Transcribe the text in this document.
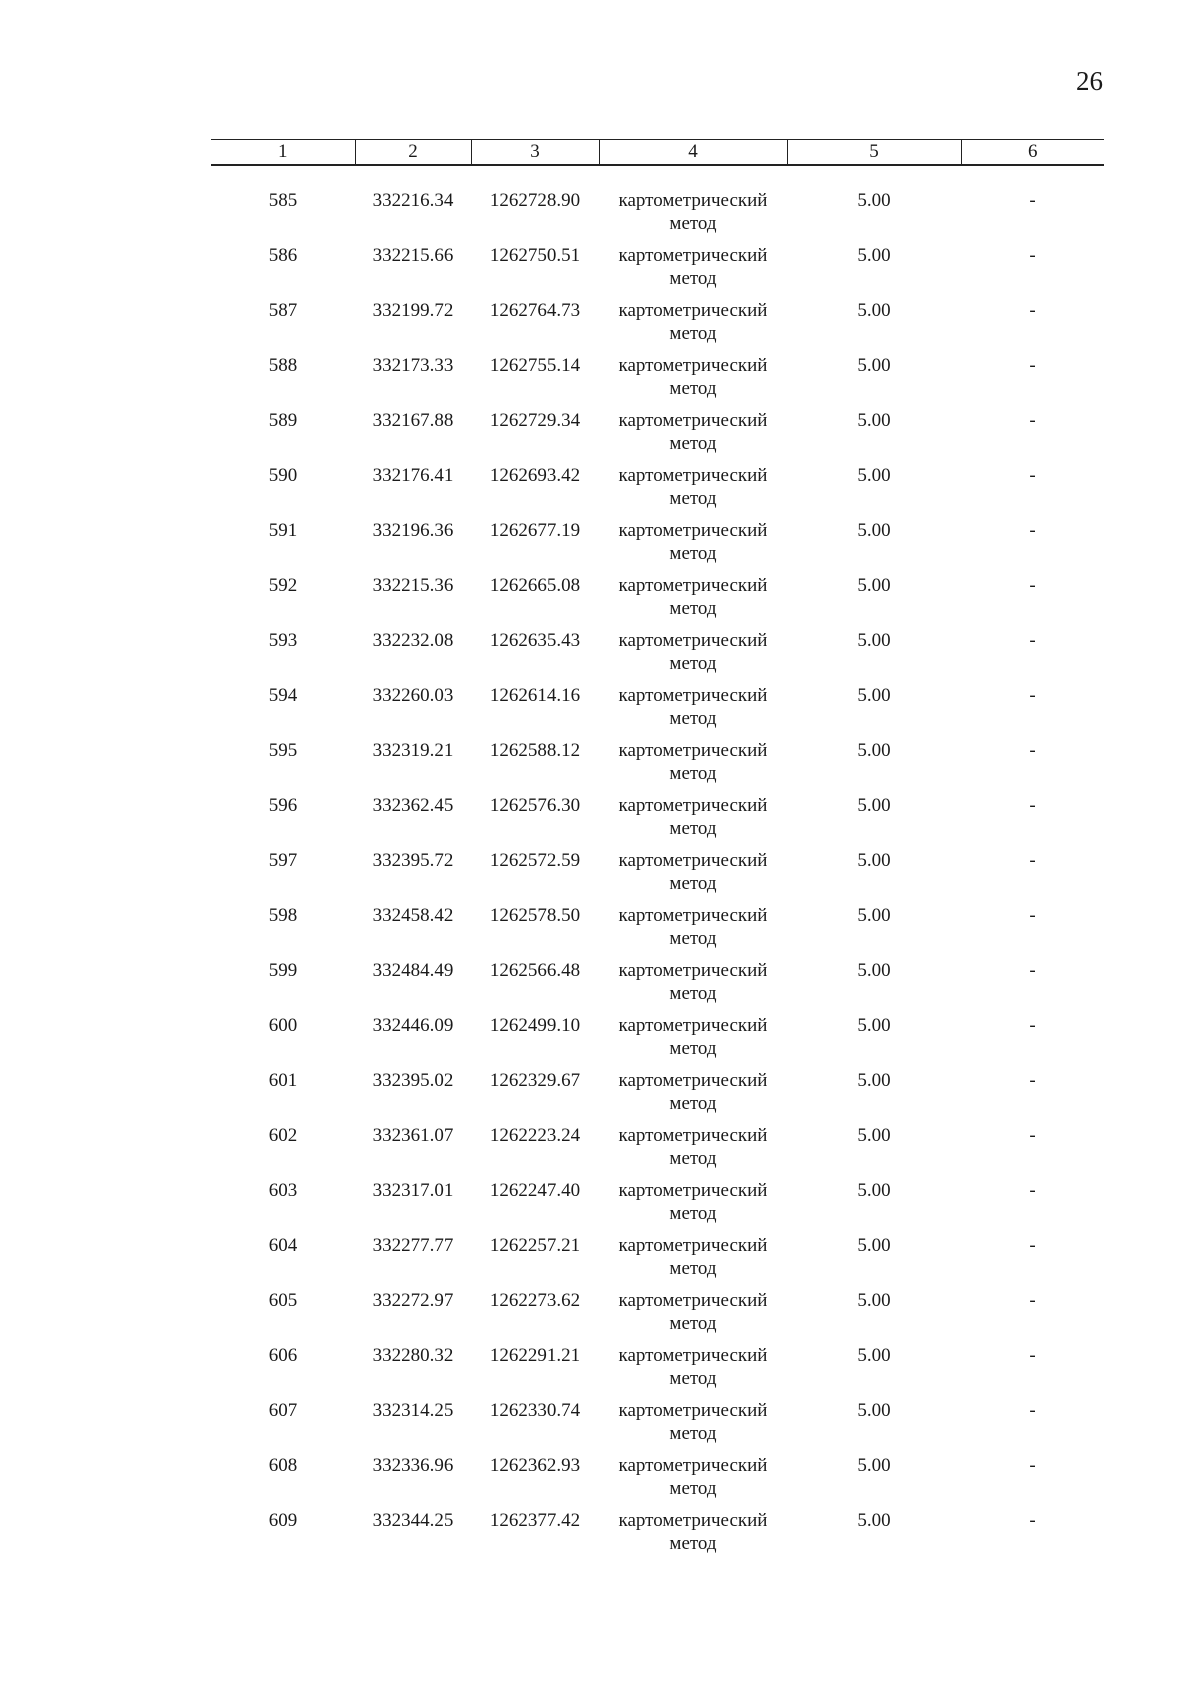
26
1	2	3	4	5	6
585	332216.34	1262728.90	картометрический метод	5.00	-
586	332215.66	1262750.51	картометрический метод	5.00	-
587	332199.72	1262764.73	картометрический метод	5.00	-
588	332173.33	1262755.14	картометрический метод	5.00	-
589	332167.88	1262729.34	картометрический метод	5.00	-
590	332176.41	1262693.42	картометрический метод	5.00	-
591	332196.36	1262677.19	картометрический метод	5.00	-
592	332215.36	1262665.08	картометрический метод	5.00	-
593	332232.08	1262635.43	картометрический метод	5.00	-
594	332260.03	1262614.16	картометрический метод	5.00	-
595	332319.21	1262588.12	картометрический метод	5.00	-
596	332362.45	1262576.30	картометрический метод	5.00	-
597	332395.72	1262572.59	картометрический метод	5.00	-
598	332458.42	1262578.50	картометрический метод	5.00	-
599	332484.49	1262566.48	картометрический метод	5.00	-
600	332446.09	1262499.10	картометрический метод	5.00	-
601	332395.02	1262329.67	картометрический метод	5.00	-
602	332361.07	1262223.24	картометрический метод	5.00	-
603	332317.01	1262247.40	картометрический метод	5.00	-
604	332277.77	1262257.21	картометрический метод	5.00	-
605	332272.97	1262273.62	картометрический метод	5.00	-
606	332280.32	1262291.21	картометрический метод	5.00	-
607	332314.25	1262330.74	картометрический метод	5.00	-
608	332336.96	1262362.93	картометрический метод	5.00	-
609	332344.25	1262377.42	картометрический метод	5.00	-
